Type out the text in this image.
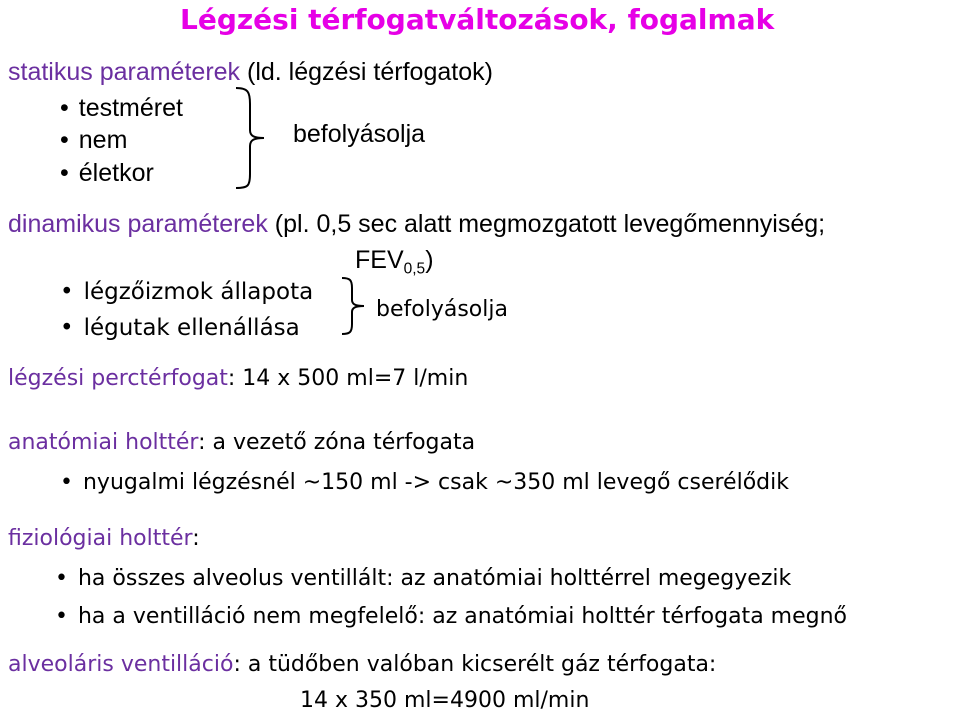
Légzési térfogatváltozások, fogalmak
statikus paraméterek (ld. légzési térfogatok)
• testméret
• nem
• életkor
befolyásolja
dinamikus paraméterek (pl. 0,5 sec alatt megmozgatott levegőmennyiség;
$FEV_{0,5}$)
• légzőizmok állapota
• légutak ellenállása
befolyásolja
légzési perctérfogat: 14 x 500 ml=7 l/min
anatómiai holttér: a vezető zóna térfogata
• nyugalmi légzésnél ~150 ml -> csak ~350 ml levegő cserélődik
fiziológiai holttér:
• ha összes alveolus ventillált: az anatómiai holttérrel megegyezik
• ha a ventilláció nem megfelelő: az anatómiai holttér térfogata megnő
alveoláris ventilláció: a tüdőben valóban kicserélt gáz térfogata:
14 x 350 ml=4900 ml/min
